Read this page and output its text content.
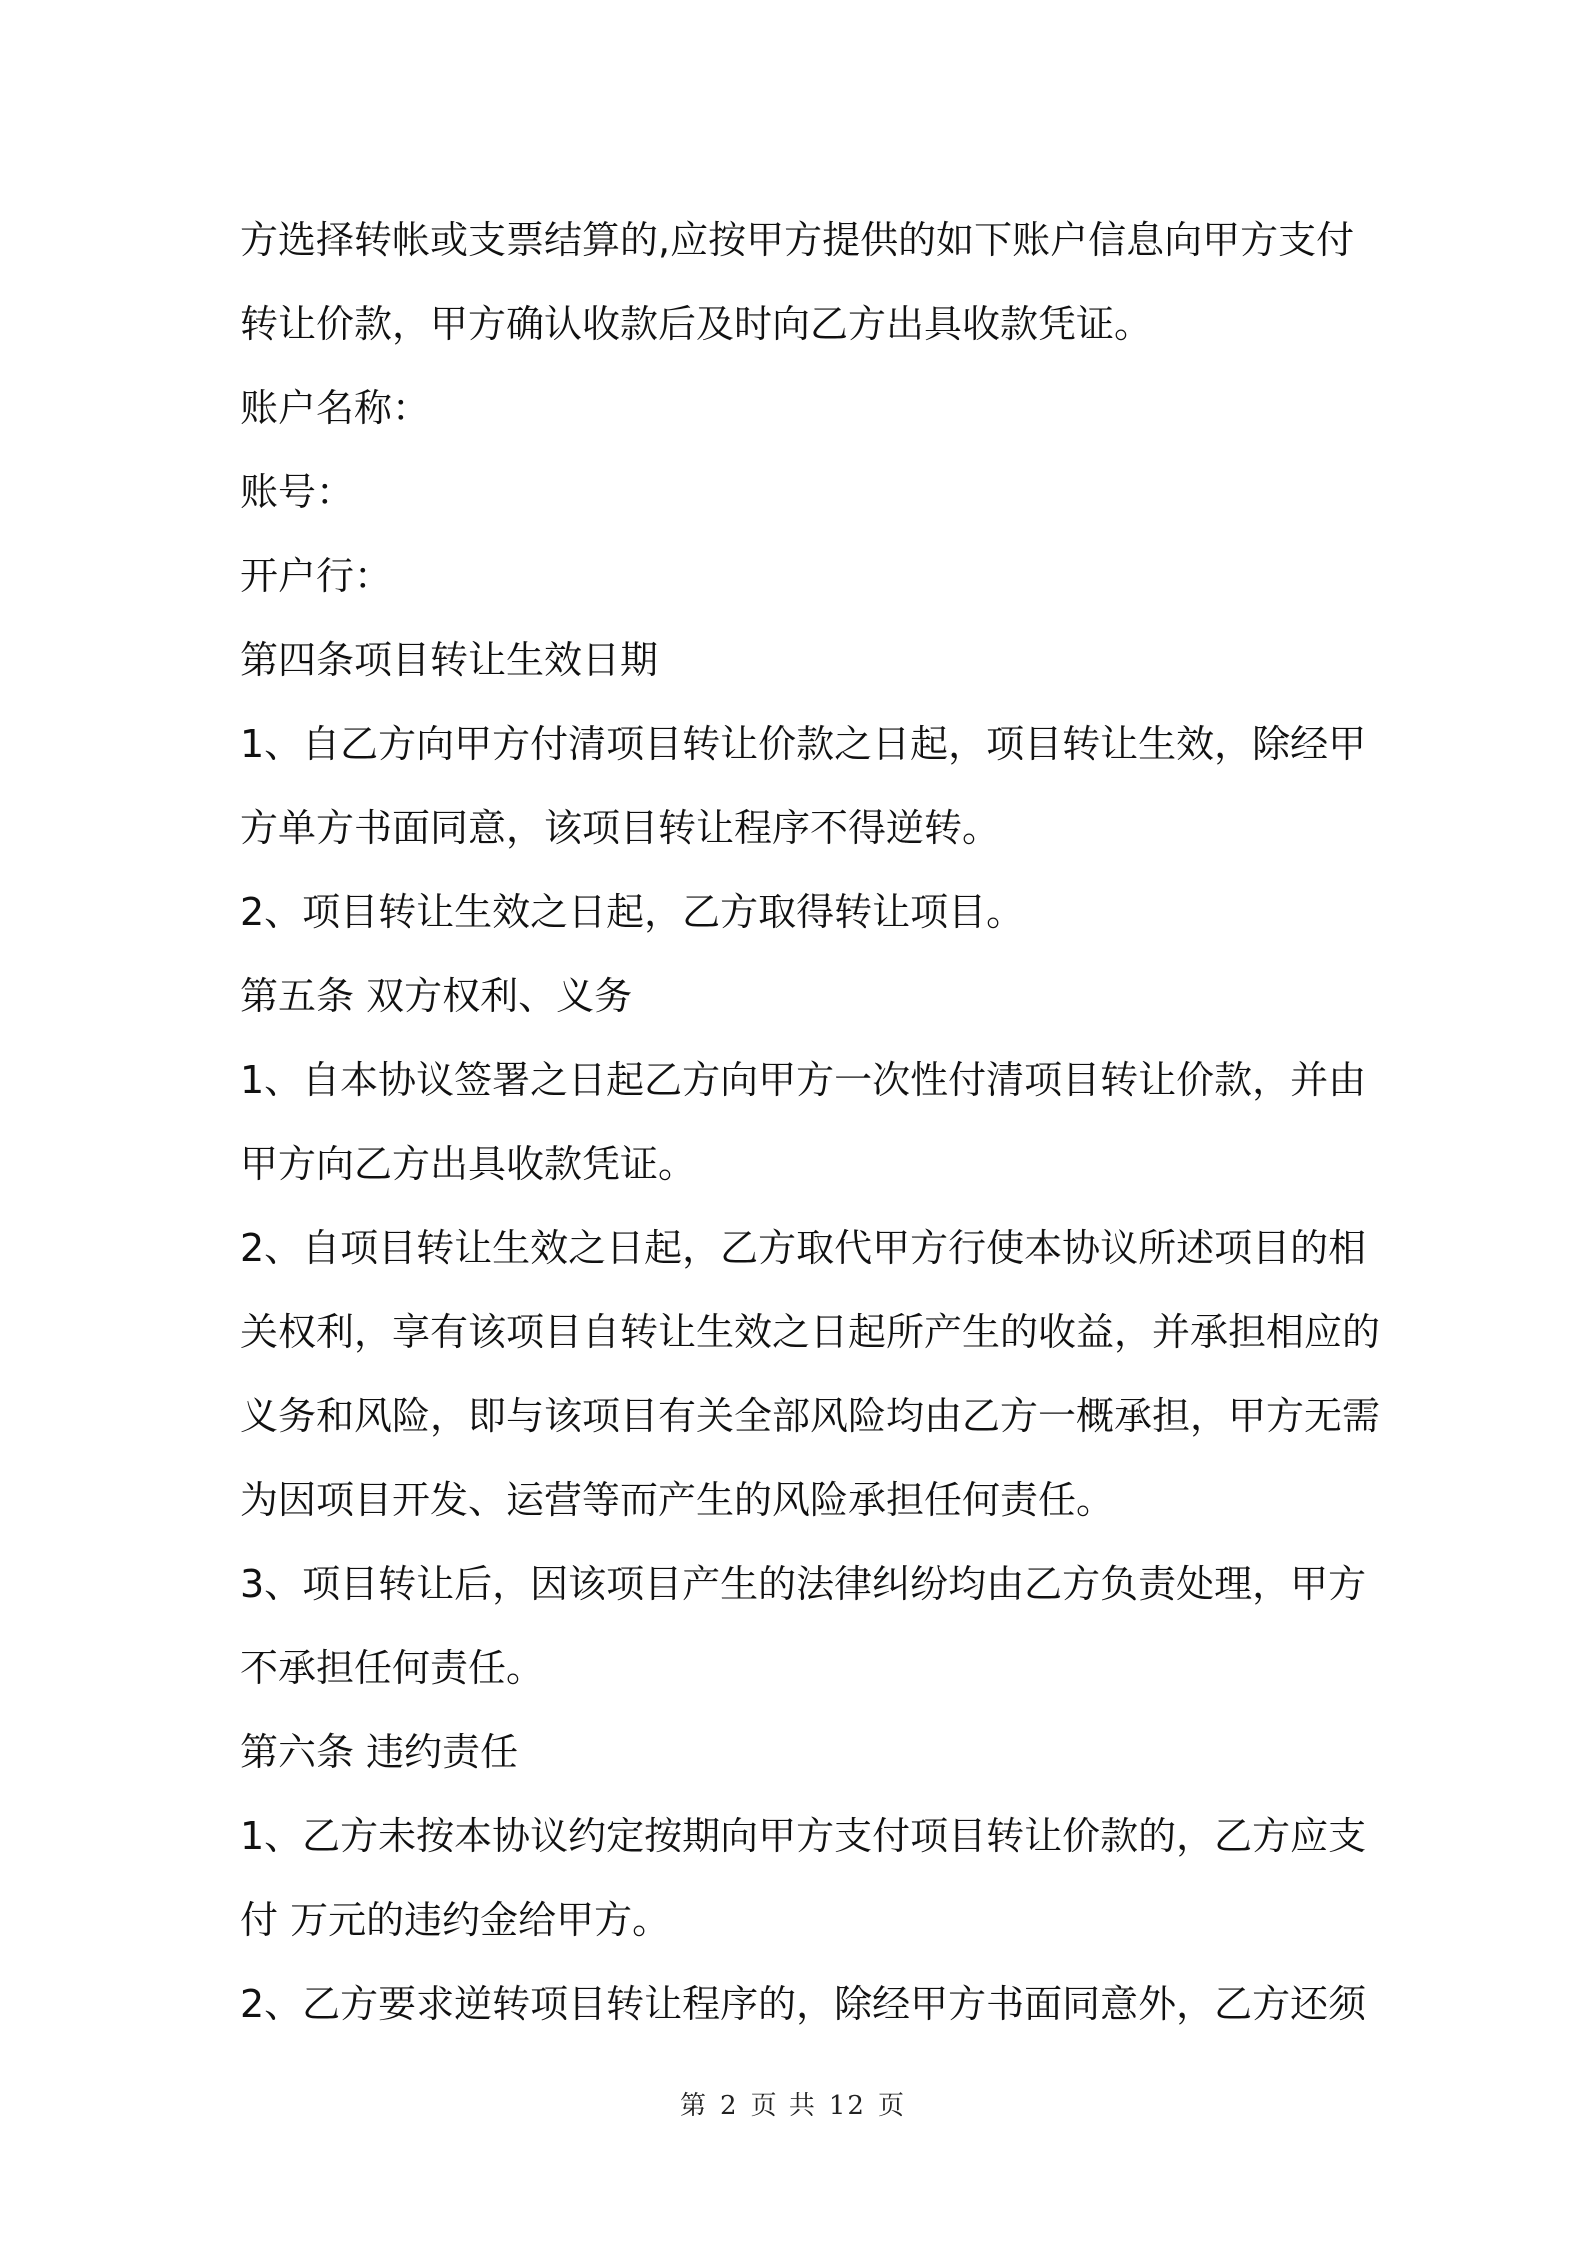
方选择转帐或支票结算的,应按甲方提供的如下账户信息向甲方支付
转让价款，甲方确认收款后及时向乙方出具收款凭证。
账户名称：
账号：
开户行：
第四条项目转让生效日期
1、自乙方向甲方付清项目转让价款之日起，项目转让生效，除经甲
方单方书面同意，该项目转让程序不得逆转。
2、项目转让生效之日起，乙方取得转让项目。
第五条 双方权利、义务
1、自本协议签署之日起乙方向甲方一次性付清项目转让价款，并由
甲方向乙方出具收款凭证。
2、自项目转让生效之日起，乙方取代甲方行使本协议所述项目的相
关权利，享有该项目自转让生效之日起所产生的收益，并承担相应的
义务和风险，即与该项目有关全部风险均由乙方一概承担，甲方无需
为因项目开发、运营等而产生的风险承担任何责任。
3、项目转让后，因该项目产生的法律纠纷均由乙方负责处理，甲方
不承担任何责任。
第六条 违约责任
1、乙方未按本协议约定按期向甲方支付项目转让价款的，乙方应支
付 万元的违约金给甲方。
2、乙方要求逆转项目转让程序的，除经甲方书面同意外，乙方还须
第 2 页 共 12 页
